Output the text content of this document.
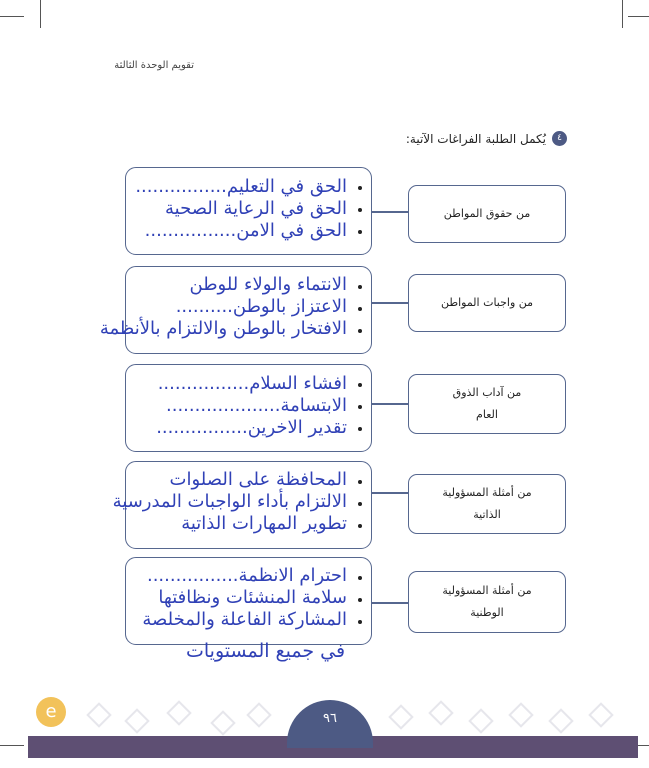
تقويم الوحدة الثالثة
٤
يُكمل الطلبة الفراغات الآتية:
الحق في التعليم................
الحق في الرعاية الصحية
الحق في الامن................
من حقوق المواطن
الانتماء والولاء للوطن
الاعتزاز بالوطن..........
الافتخار بالوطن والالتزام بالأنظمة
من واجبات المواطن
افشاء السلام................
الابتسامة....................
تقدير الاخرين................
من آداب الذوق العام
المحافظة على الصلوات
الالتزام بأداء الواجبات المدرسية
تطوير المهارات الذاتية
من أمثلة المسؤولية الذاتية
احترام الانظمة................
سلامة المنشئات ونظافتها
المشاركة الفاعلة والمخلصة
من أمثلة المسؤولية الوطنية
في جميع المستويات
e	٩٦
